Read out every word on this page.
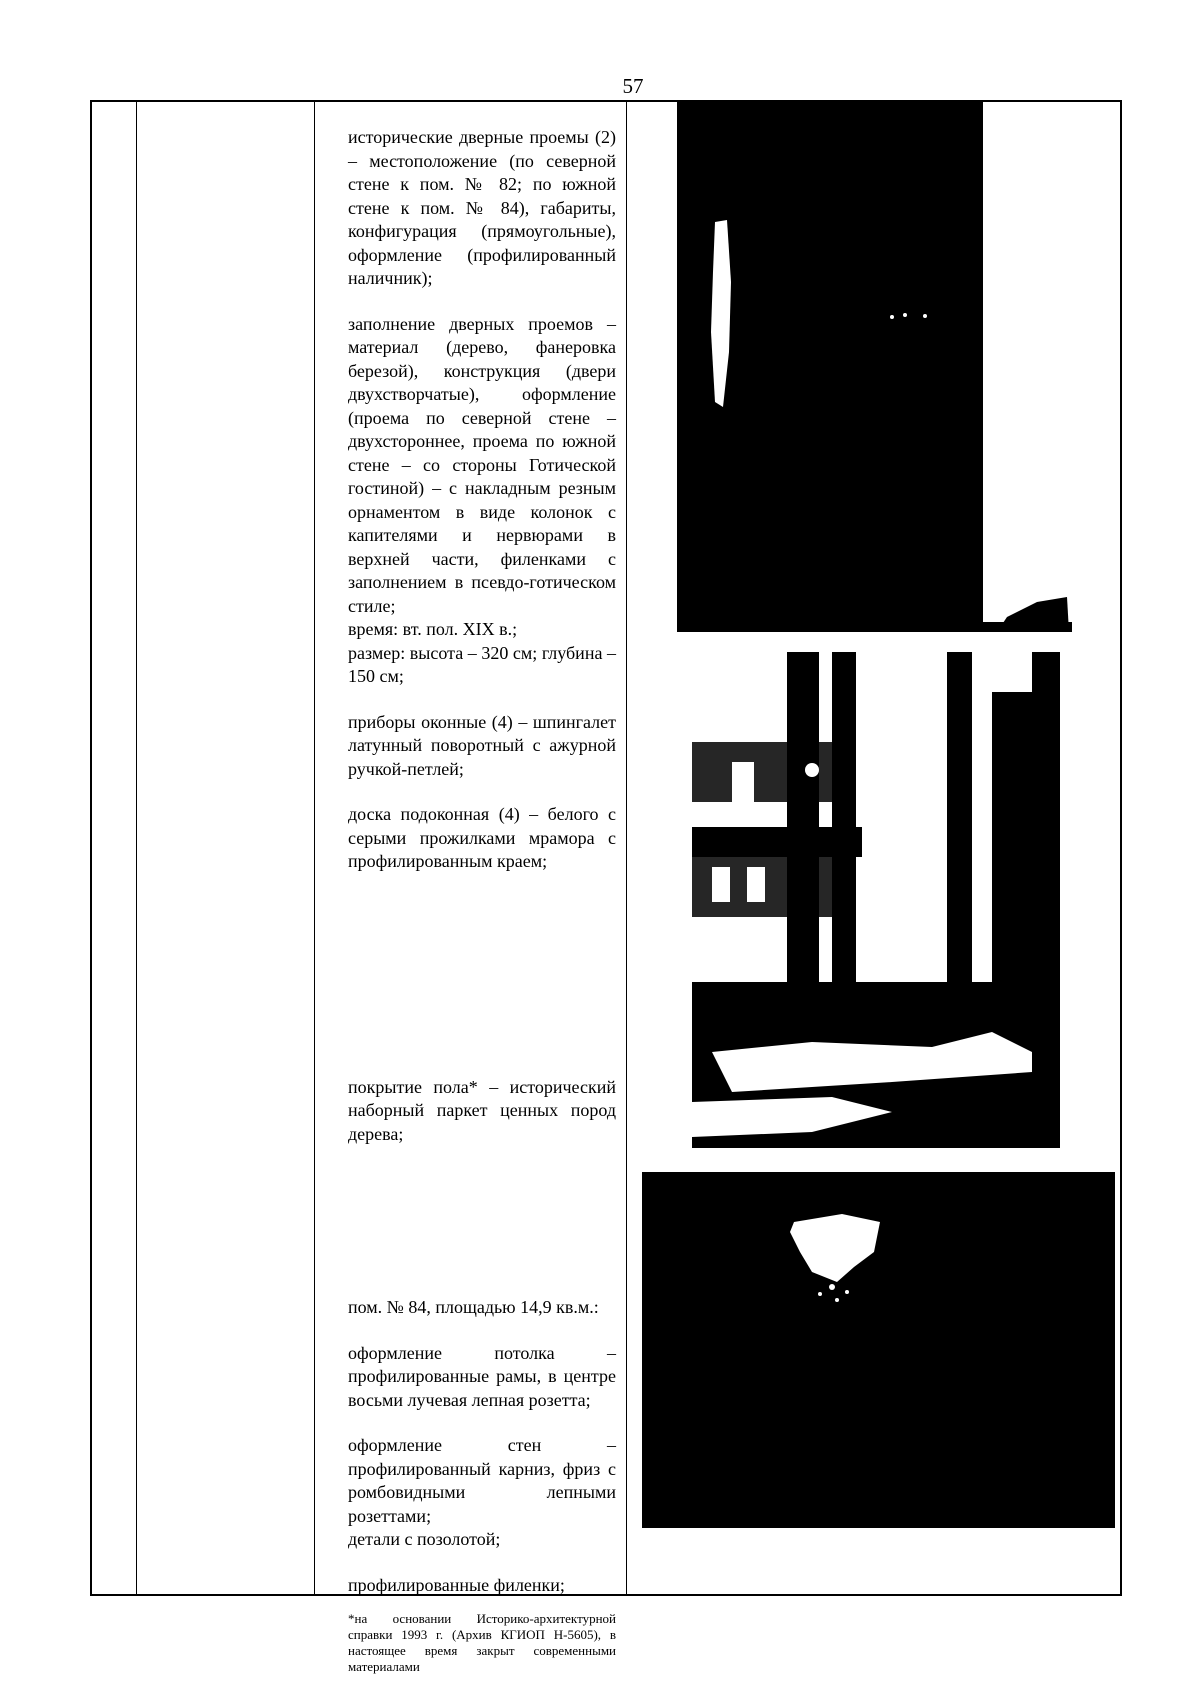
57

исторические дверные проемы (2) – местоположение (по северной стене к пом. № 82; по южной стене к пом. № 84), габариты, конфигурация (прямоугольные), оформление (профилированный наличник);

заполнение дверных проемов – материал (дерево, фанеровка березой), конструкция (двери двухстворчатые), оформление (проема по северной стене – двухстороннее, проема по южной стене – со стороны Готической гостиной) – с накладным резным орнаментом в виде колонок с капителями и нервюрами в верхней части, филенками с заполнением в псевдо-готическом стиле;

время: вт. пол. XIX в.;

размер: высота – 320 см; глубина – 150 см;

приборы оконные (4) – шпингалет латунный поворотный с ажурной ручкой-петлей;

доска подоконная (4) – белого с серыми прожилками мрамора с профилированным краем;

покрытие пола* – исторический наборный паркет ценных пород дерева;

пом. № 84, площадью 14,9 кв.м.:

оформление потолка – профилированные рамы, в центре восьми лучевая лепная розетта;

оформление стен – профилированный карниз, фриз с ромбовидными лепными розеттами;

детали с позолотой;

профилированные филенки;

*на основании Историко-архитектурной справки 1993 г. (Архив КГИОП Н-5605), в настоящее время закрыт современными материалами
